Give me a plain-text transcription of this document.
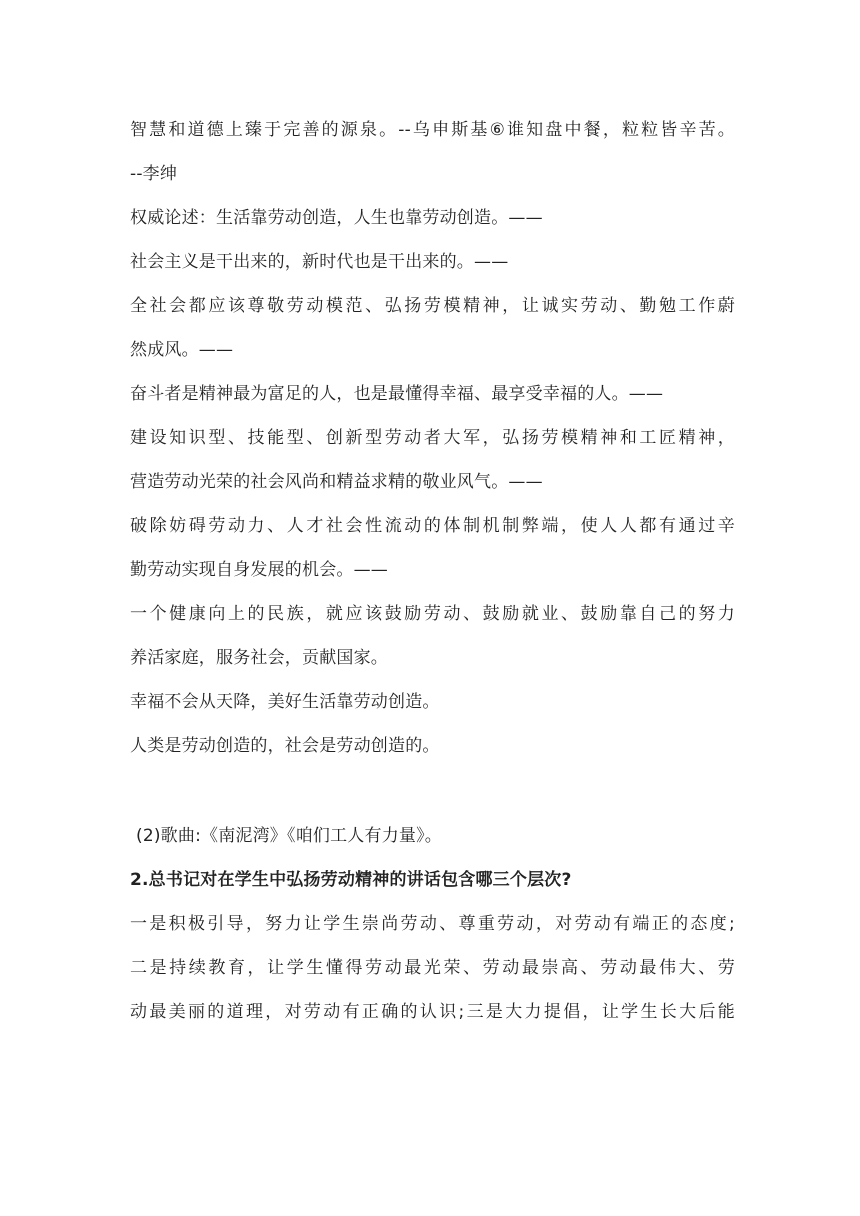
智慧和道德上臻于完善的源泉。--乌申斯基⑥谁知盘中餐，粒粒皆辛苦。
--李绅
权威论述：生活靠劳动创造，人生也靠劳动创造。——
社会主义是干出来的，新时代也是干出来的。——
全社会都应该尊敬劳动模范、弘扬劳模精神，让诚实劳动、勤勉工作蔚
然成风。——
奋斗者是精神最为富足的人，也是最懂得幸福、最享受幸福的人。——
建设知识型、技能型、创新型劳动者大军，弘扬劳模精神和工匠精神，
营造劳动光荣的社会风尚和精益求精的敬业风气。——
破除妨碍劳动力、人才社会性流动的体制机制弊端，使人人都有通过辛
勤劳动实现自身发展的机会。——
一个健康向上的民族，就应该鼓励劳动、鼓励就业、鼓励靠自己的努力
养活家庭，服务社会，贡献国家。
幸福不会从天降，美好生活靠劳动创造。
人类是劳动创造的，社会是劳动创造的。
(2)歌曲:《南泥湾》《咱们工人有力量》。
2.总书记对在学生中弘扬劳动精神的讲话包含哪三个层次?
一是积极引导，努力让学生崇尚劳动、尊重劳动，对劳动有端正的态度;
二是持续教育，让学生懂得劳动最光荣、劳动最崇高、劳动最伟大、劳
动最美丽的道理，对劳动有正确的认识;三是大力提倡，让学生长大后能
